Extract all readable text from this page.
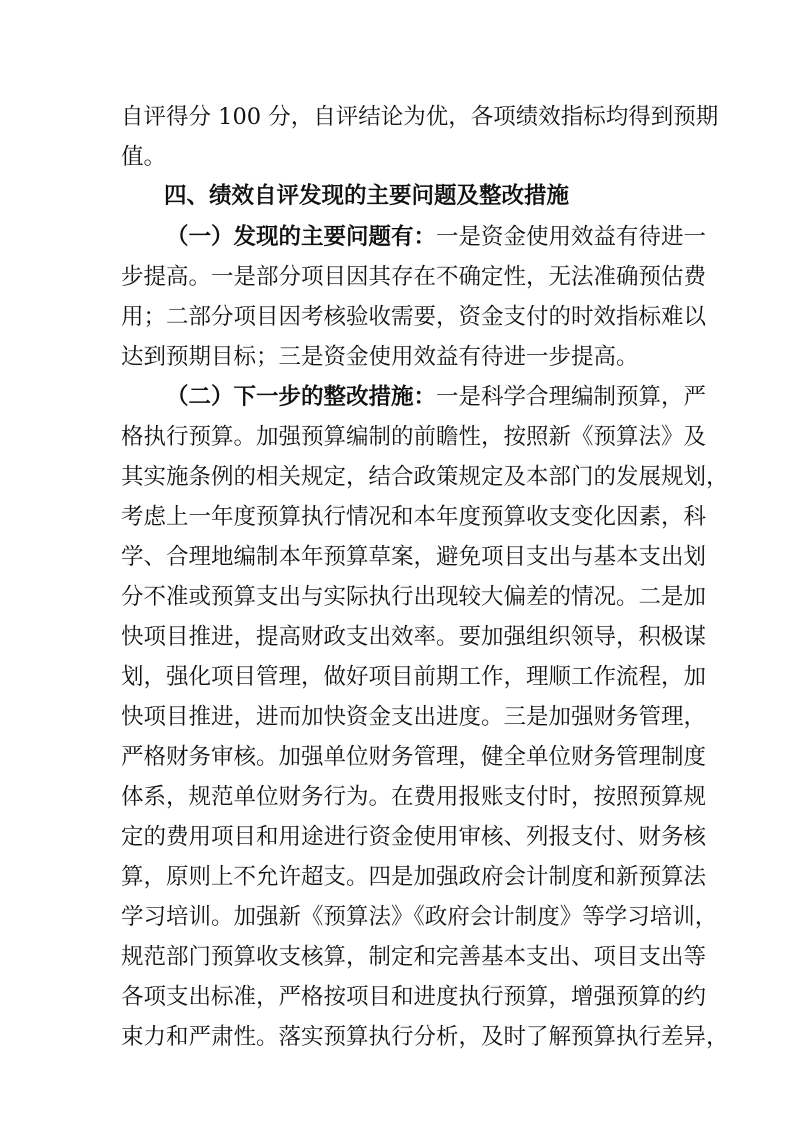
自评得分 100 分，自评结论为优，各项绩效指标均得到预期
值。
四、绩效自评发现的主要问题及整改措施
（一）发现的主要问题有：一是资金使用效益有待进一
步提高。一是部分项目因其存在不确定性，无法准确预估费
用；二部分项目因考核验收需要，资金支付的时效指标难以
达到预期目标；三是资金使用效益有待进一步提高。
（二）下一步的整改措施：一是科学合理编制预算，严
格执行预算。加强预算编制的前瞻性，按照新《预算法》及
其实施条例的相关规定，结合政策规定及本部门的发展规划，
考虑上一年度预算执行情况和本年度预算收支变化因素，科
学、合理地编制本年预算草案，避免项目支出与基本支出划
分不准或预算支出与实际执行出现较大偏差的情况。二是加
快项目推进，提高财政支出效率。要加强组织领导，积极谋
划，强化项目管理，做好项目前期工作，理顺工作流程，加
快项目推进，进而加快资金支出进度。三是加强财务管理，
严格财务审核。加强单位财务管理，健全单位财务管理制度
体系，规范单位财务行为。在费用报账支付时，按照预算规
定的费用项目和用途进行资金使用审核、列报支付、财务核
算，原则上不允许超支。四是加强政府会计制度和新预算法
学习培训。加强新《预算法》《政府会计制度》等学习培训，
规范部门预算收支核算，制定和完善基本支出、项目支出等
各项支出标准，严格按项目和进度执行预算，增强预算的约
束力和严肃性。落实预算执行分析，及时了解预算执行差异，
